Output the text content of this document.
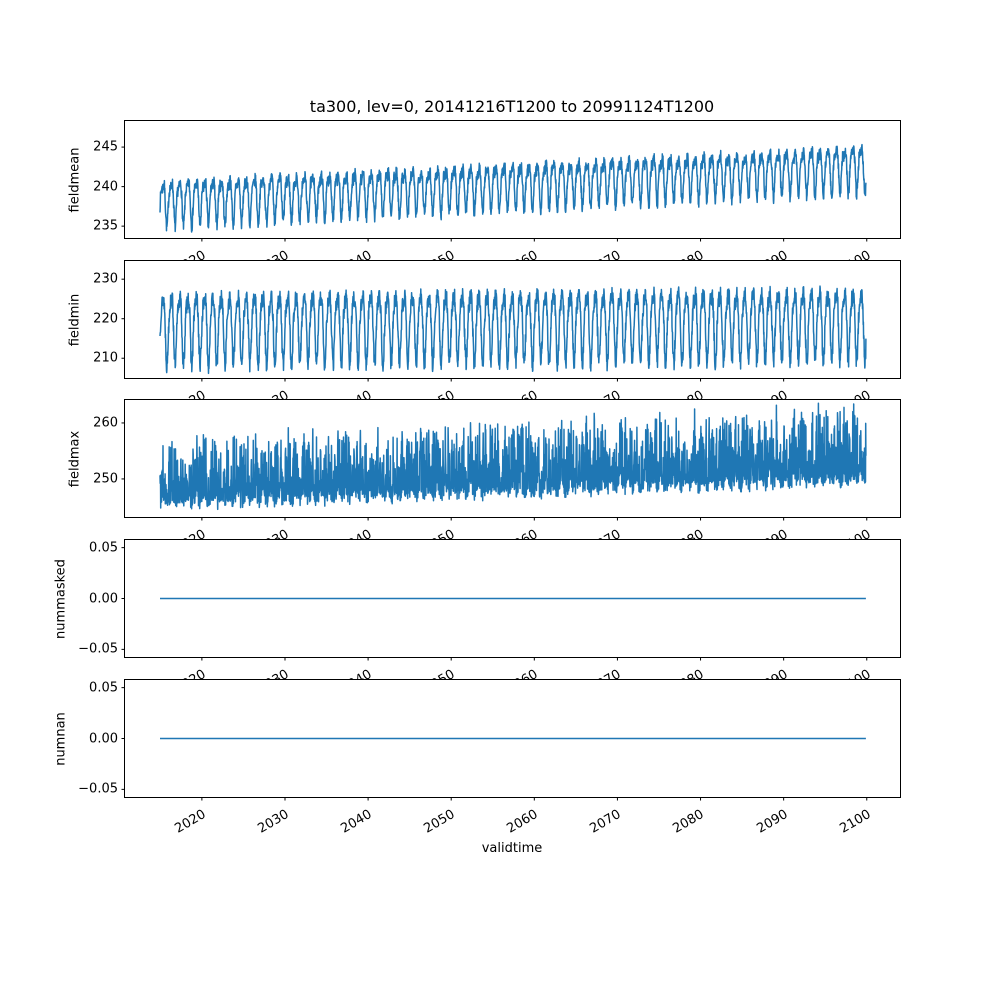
ta300, lev=0, 20141216T1200 to 20991124T1200
fieldmean 245
240
235
fieldmin
230
220
210
fieldmax
260
250
nummasked
0.05
0.00
−0.05
numnan
2020	2030	2040	2050	2060	2070	2080	2090	2100
0.05
0.00
−0.05
validtime
